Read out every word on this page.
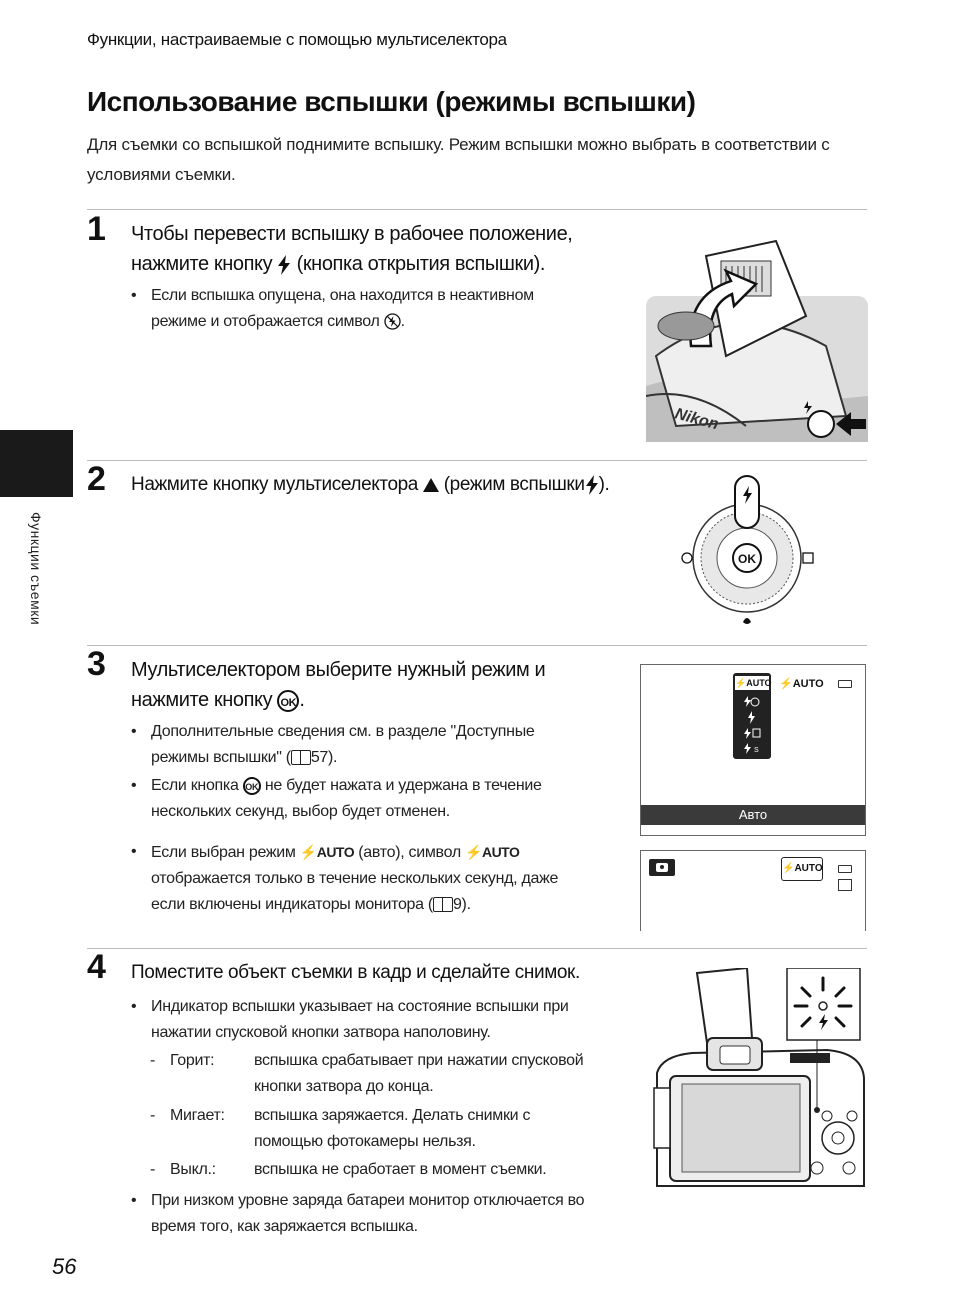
Функции, настраиваемые с помощью мультиселектора
Использование вспышки (режимы вспышки)
Для съемки со вспышкой поднимите вспышку. Режим вспышки можно выбрать в соответствии с условиями съемки.
Функции съемки
1 Чтобы перевести вспышку в рабочее положение,
нажмите кнопку (кнопка открытия вспышки).
• Если вспышка опущена, она находится в неактивном режиме и отображается символ .
Nikon
2 Нажмите кнопку мультиселектора (режим вспышки ).
OK
3 Мультиселектором выберите нужный режим и
нажмите кнопку OK .
• Дополнительные сведения см. в разделе "Доступные режимы вспышки" ( 57).
• Если кнопка OK не будет нажата и удержана в течение нескольких секунд, выбор будет отменен.
• Если выбран режим ⚡AUTO (авто), символ ⚡AUTO отображается только в течение нескольких секунд, даже если включены индикаторы монитора ( 9).
⚡AUTO
S
⚡AUTO
Авто
⚡AUTO
4 Поместите объект съемки в кадр и сделайте снимок.
• Индикатор вспышки указывает на состояние вспышки при нажатии спусковой кнопки затвора наполовину.
- Горит: вспышка срабатывает при нажатии спусковой кнопки затвора до конца.
- Мигает: вспышка заряжается. Делать снимки с помощью фотокамеры нельзя.
- Выкл.: вспышка не сработает в момент съемки.
• При низком уровне заряда батареи монитор отключается во время того, как заряжается вспышка.
56
